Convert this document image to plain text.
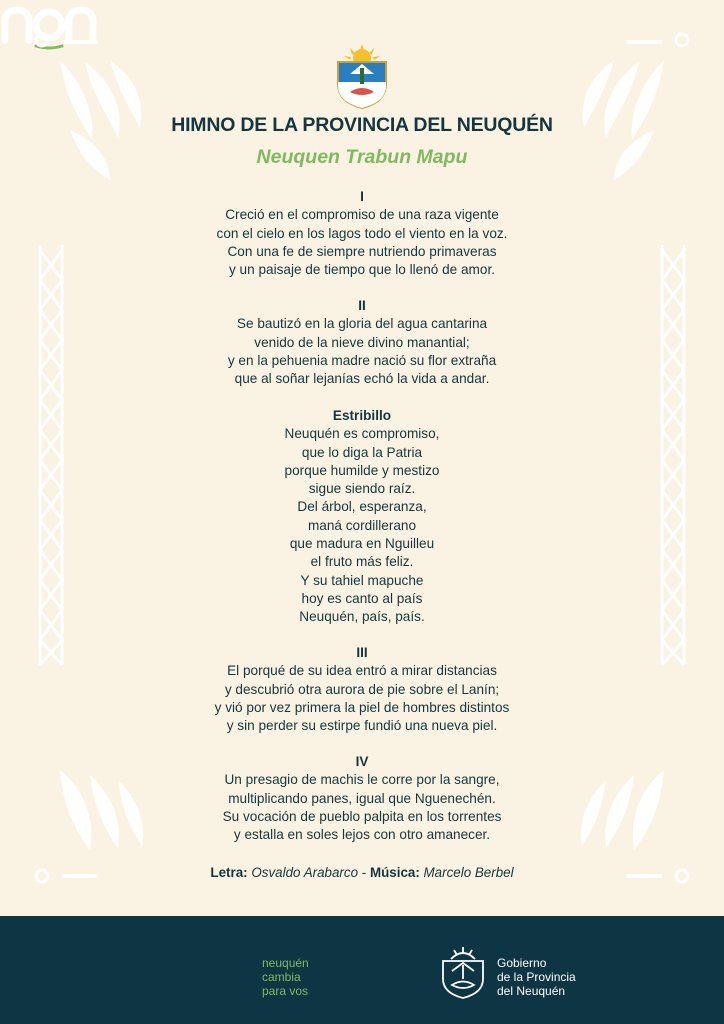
HIMNO DE LA PROVINCIA DEL NEUQUÉN
Neuquen Trabun Mapu
I
Creció en el compromiso de una raza vigente
con el cielo en los lagos todo el viento en la voz.
Con una fe de siempre nutriendo primaveras
y un paisaje de tiempo que lo llenó de amor.
II
Se bautizó en la gloria del agua cantarina
venido de la nieve divino manantial;
y en la pehuenia madre nació su flor extraña
que al soñar lejanías echó la vida a andar.
Estribillo
Neuquén es compromiso,
que lo diga la Patria
porque humilde y mestizo
sigue siendo raíz.
Del árbol, esperanza,
maná cordillerano
que madura en Nguilleu
el fruto más feliz.
Y su tahiel mapuche
hoy es canto al país
Neuquén, país, país.
III
El porqué de su idea entró a mirar distancias
y descubrió otra aurora de pie sobre el Lanín;
y vió por vez primera la piel de hombres distintos
y sin perder su estirpe fundió una nueva piel.
IV
Un presagio de machis le corre por la sangre,
multiplicando panes, igual que Nguenechén.
Su vocación de pueblo palpita en los torrentes
y estalla en soles lejos con otro amanecer.
Letra: Osvaldo Arabarco - Música: Marcelo Berbel
neuquén
cambia
para vos
Gobierno
de la Provincia
del Neuquén
